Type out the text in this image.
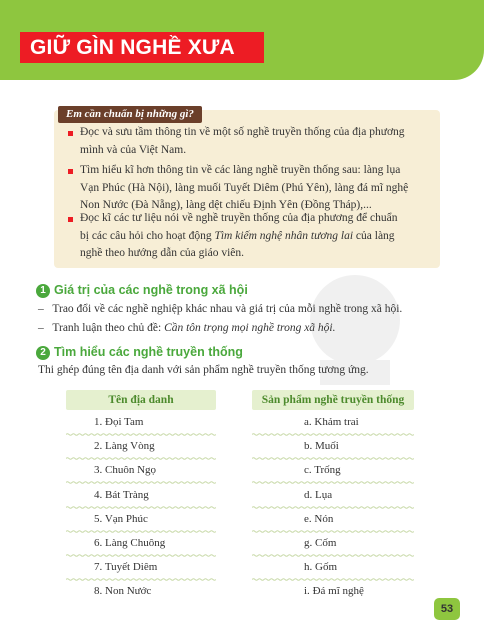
GIỮ GÌN NGHỀ XƯA
Em cần chuẩn bị những gì?
Đọc và sưu tầm thông tin về một số nghề truyền thống của địa phương
mình và của Việt Nam.
Tìm hiểu kĩ hơn thông tin về các làng nghề truyền thống sau: làng lụa
Vạn Phúc (Hà Nội), làng muối Tuyết Diêm (Phú Yên), làng đá mĩ nghệ
Non Nước (Đà Nẵng), làng dệt chiếu Định Yên (Đồng Tháp),...
Đọc kĩ các tư liệu nói về nghề truyền thống của địa phương để chuẩn
bị các câu hỏi cho hoạt động Tìm kiếm nghệ nhân tương lai của làng
nghề theo hướng dẫn của giáo viên.
1 Giá trị của các nghề trong xã hội
–   Trao đổi về các nghề nghiệp khác nhau và giá trị của mỗi nghề trong xã hội.
–   Tranh luận theo chủ đề: Cần tôn trọng mọi nghề trong xã hội.
2 Tìm hiểu các nghề truyền thống
Thi ghép đúng tên địa danh với sản phẩm nghề truyền thống tương ứng.
Tên địa danh	Sản phẩm nghề truyền thống
1. Đọi Tam	a. Khảm trai
2. Làng Vòng	b. Muối
3. Chuôn Ngọ	c. Trống
4. Bát Tràng	d. Lụa
5. Vạn Phúc	e. Nón
6. Làng Chuông	g. Cốm
7. Tuyết Diêm	h. Gốm
8. Non Nước	i. Đá mĩ nghệ
53
